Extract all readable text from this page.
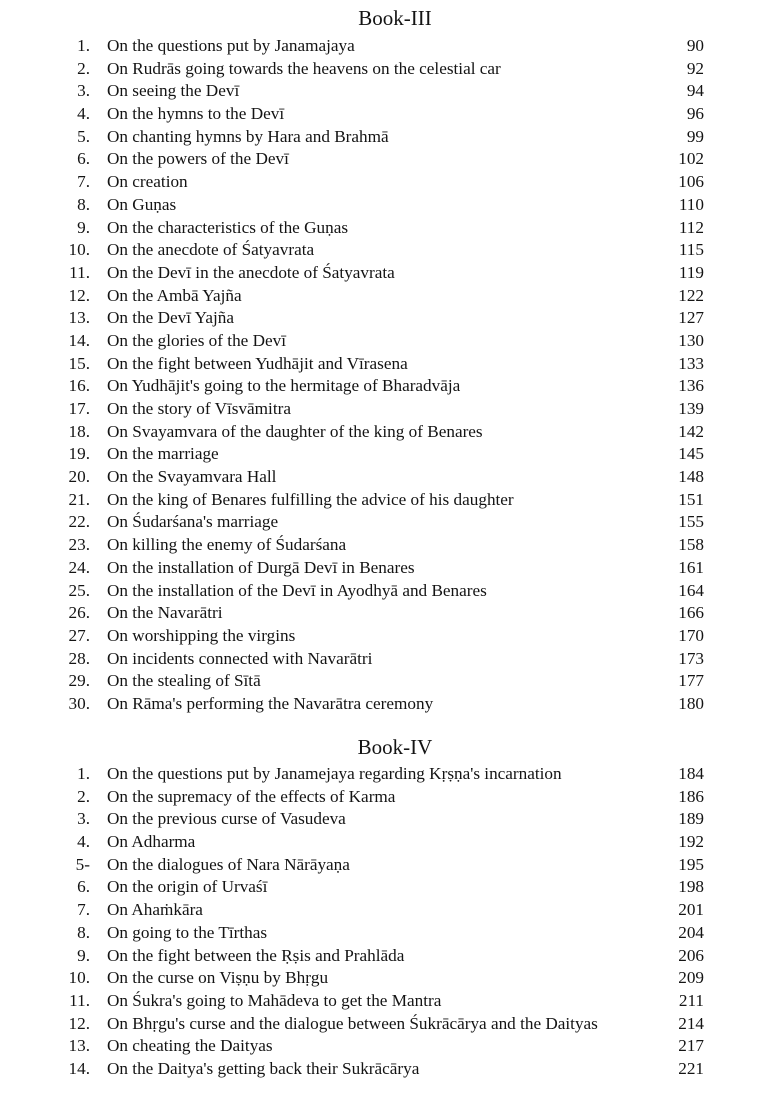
Book-III
1. On the questions put by Janamajaya	90
2. On Rudrās going towards the heavens on the celestial car	92
3. On seeing the Devī	94
4. On the hymns to the Devī	96
5. On chanting hymns by Hara and Brahmā	99
6. On the powers of the Devī	102
7. On creation	106
8. On Guṇas	110
9. On the characteristics of the Guṇas	112
10. On the anecdote of Śatyavrata	115
11. On the Devī in the anecdote of Śatyavrata	119
12. On the Ambā Yajña	122
13. On the Devī Yajña	127
14. On the glories of the Devī	130
15. On the fight between Yudhājit and Vīrasena	133
16. On Yudhājit's going to the hermitage of Bharadvāja	136
17. On the story of Vīsvāmitra	139
18. On Svayamvara of the daughter of the king of Benares	142
19. On the marriage	145
20. On the Svayamvara Hall	148
21. On the king of Benares fulfilling the advice of his daughter	151
22. On Śudarśana's marriage	155
23. On killing the enemy of Śudarśana	158
24. On the installation of Durgā Devī in Benares	161
25. On the installation of the Devī in Ayodhyā and Benares	164
26. On the Navarātri	166
27. On worshipping the virgins	170
28. On incidents connected with Navarātri	173
29. On the stealing of Sītā	177
30. On Rāma's performing the Navarātra ceremony	180
Book-IV
1. On the questions put by Janamejaya regarding Kṛṣṇa's incarnation	184
2. On the supremacy of the effects of Karma	186
3. On the previous curse of Vasudeva	189
4. On Adharma	192
5- On the dialogues of Nara Nārāyaṇa	195
6. On the origin of Urvaśī	198
7. On Ahaṁkāra	201
8. On going to the Tīrthas	204
9. On the fight between the Ṛṣis and Prahlāda	206
10. On the curse on Viṣṇu by Bhṛgu	209
11. On Śukra's going to Mahādeva to get the Mantra	211
12. On Bhṛgu's curse and the dialogue between Śukrācārya and the Daityas	214
13. On cheating the Daityas	217
14. On the Daitya's getting back their Sukrācārya	221
